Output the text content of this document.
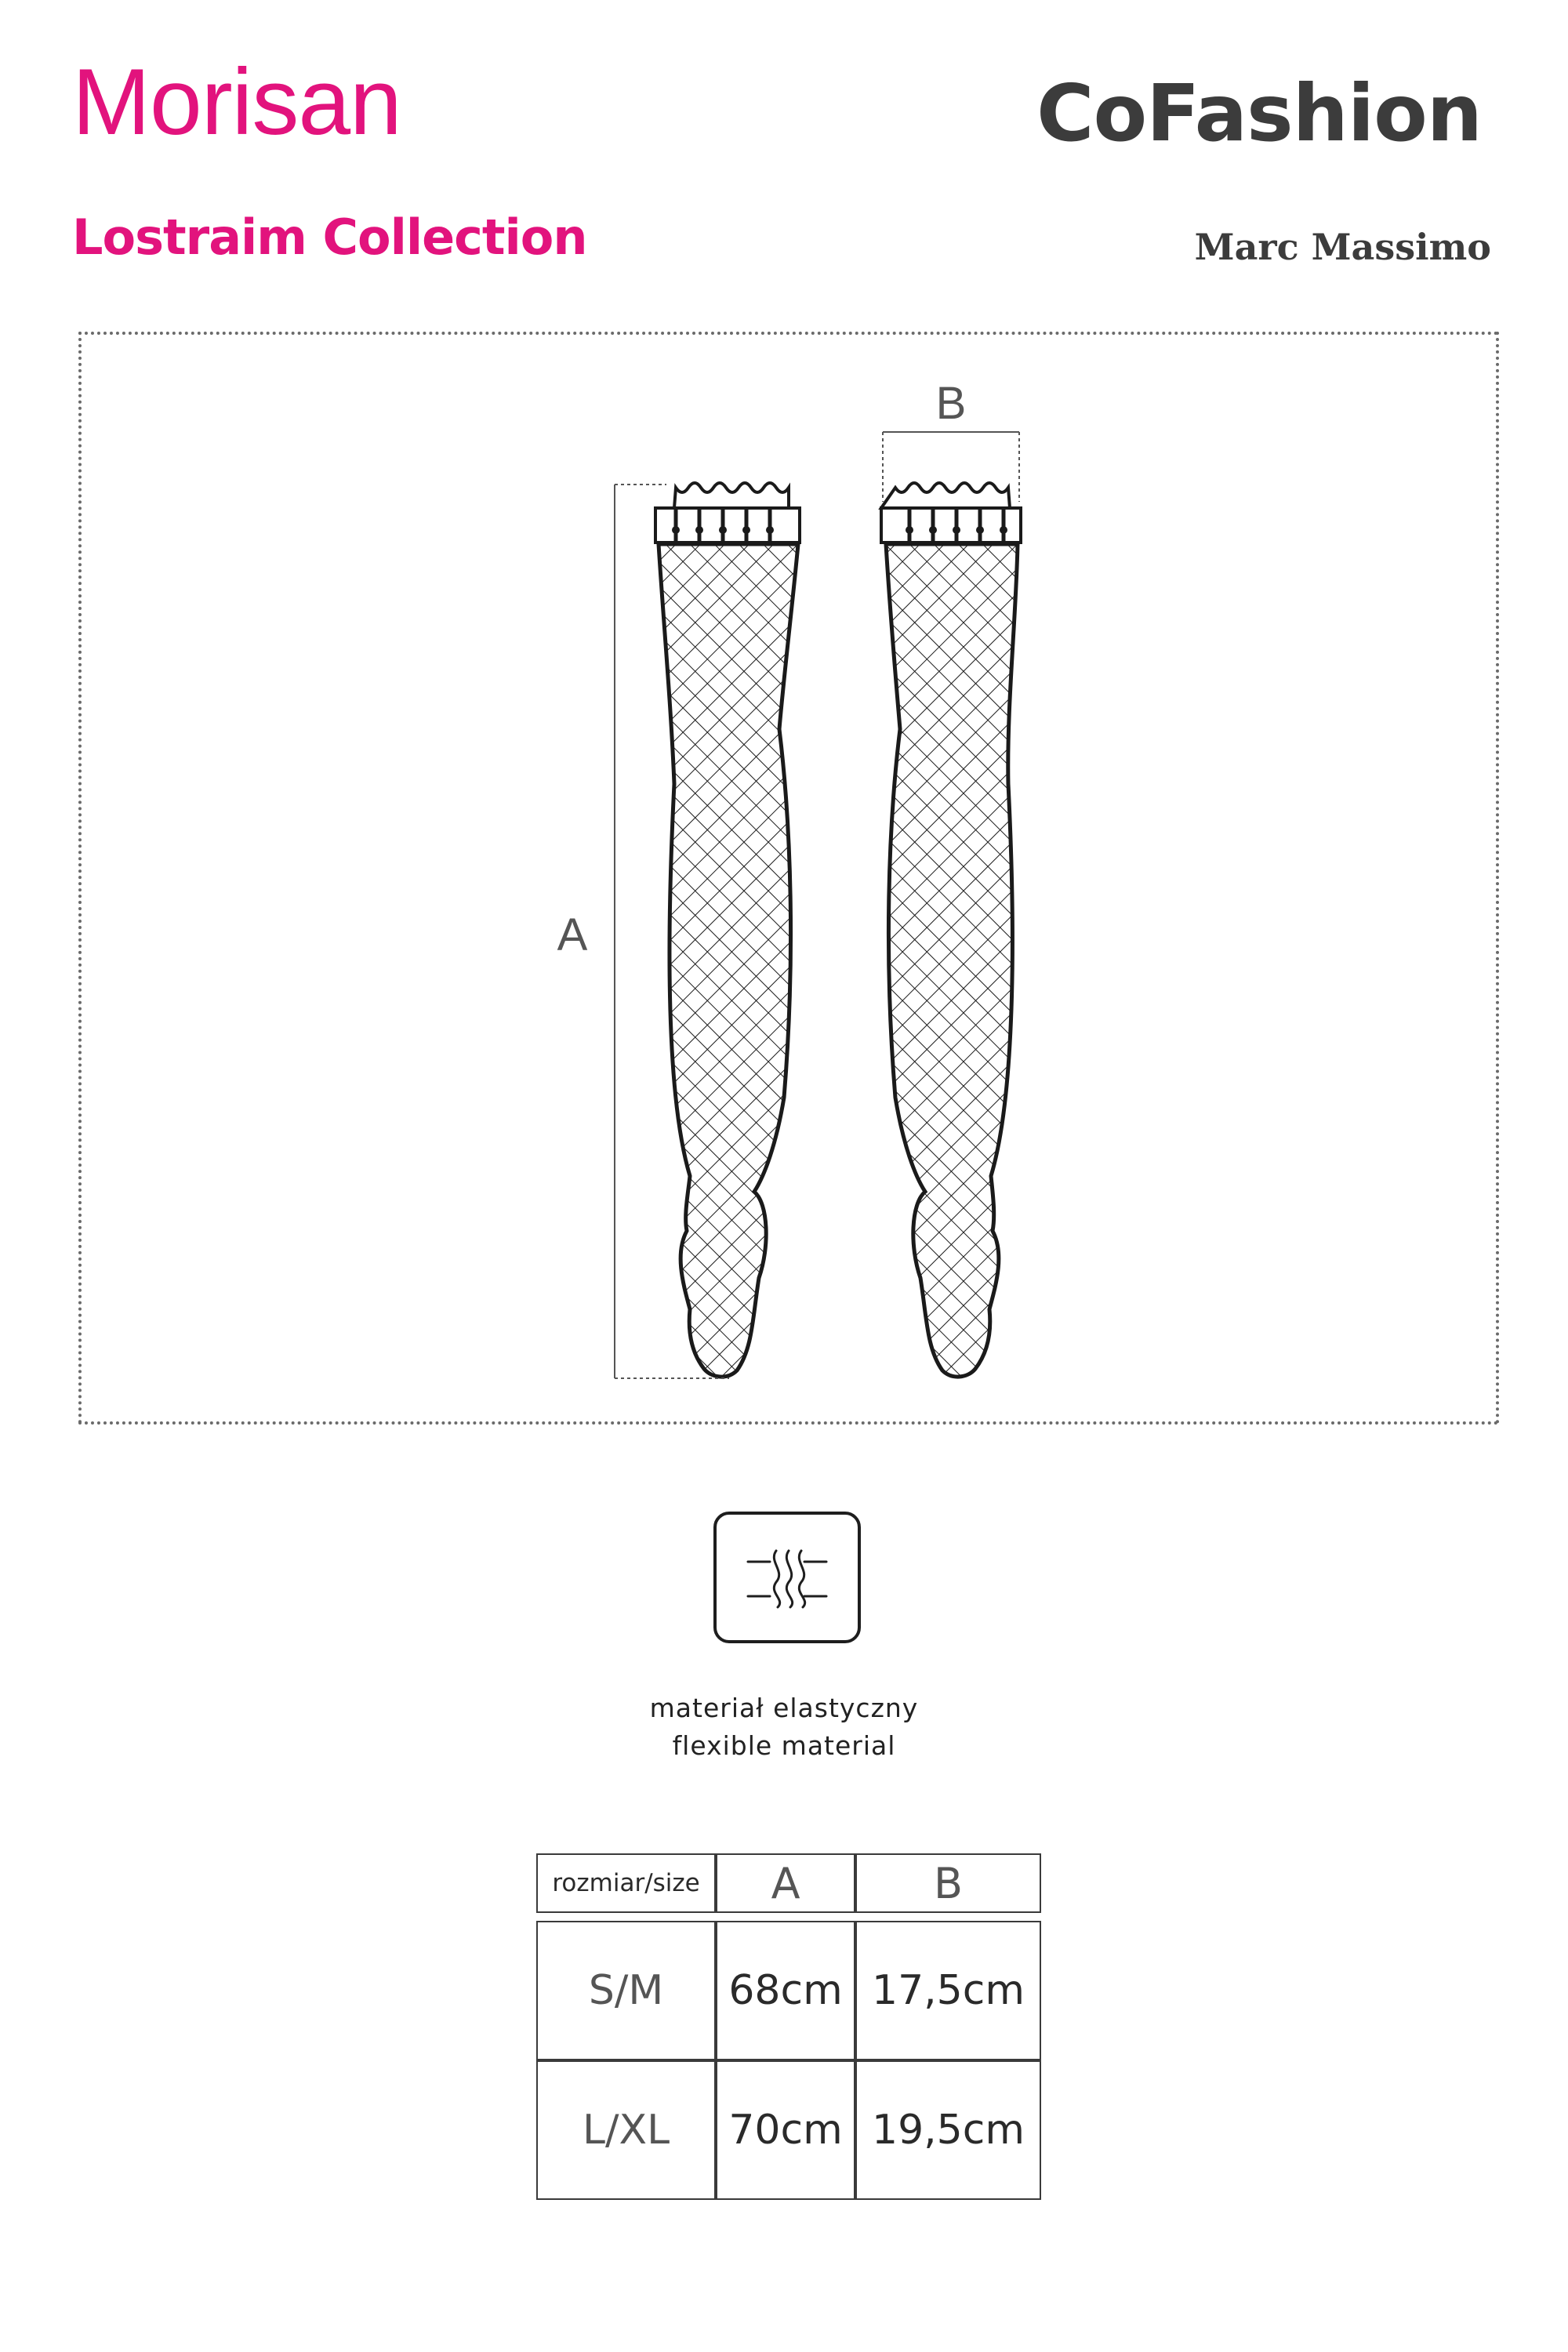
Morisan
Lostraim Collection
CoFashion
Marc Massimo
A
B
materiał elastyczny
flexible material
rozmiar/size	A	B

S/M	68cm	17,5cm
L/XL	70cm	19,5cm
